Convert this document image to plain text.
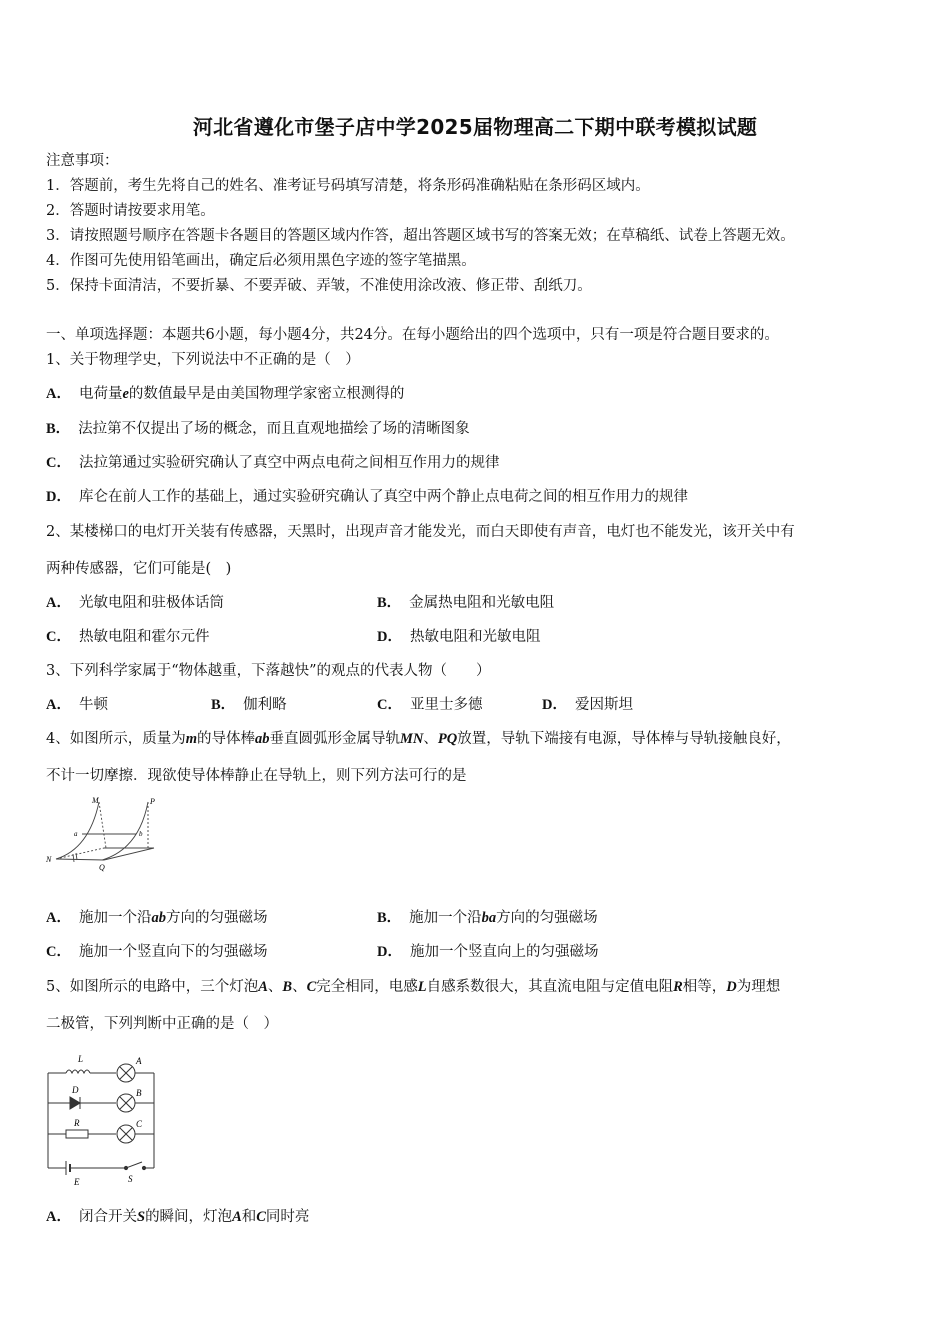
河北省遵化市堡子店中学2025届物理高二下期中联考模拟试题
注意事项：
1．答题前，考生先将自己的姓名、准考证号码填写清楚，将条形码准确粘贴在条形码区域内。
2．答题时请按要求用笔。
3．请按照题号顺序在答题卡各题目的答题区域内作答，超出答题区域书写的答案无效；在草稿纸、试卷上答题无效。
4．作图可先使用铅笔画出，确定后必须用黑色字迹的签字笔描黑。
5．保持卡面清洁，不要折暴、不要弄破、弄皱，不准使用涂改液、修正带、刮纸刀。
一、单项选择题：本题共6小题，每小题4分，共24分。在每小题给出的四个选项中，只有一项是符合题目要求的。
1、关于物理学史，下列说法中不正确的是（　）
A． 电荷量e的数值最早是由美国物理学家密立根测得的
B． 法拉第不仅提出了场的概念，而且直观地描绘了场的清晰图象
C． 法拉第通过实验研究确认了真空中两点电荷之间相互作用力的规律
D． 库仑在前人工作的基础上，通过实验研究确认了真空中两个静止点电荷之间的相互作用力的规律
2、某楼梯口的电灯开关装有传感器，天黑时，出现声音才能发光，而白天即使有声音，电灯也不能发光，该开关中有
两种传感器，它们可能是(　)
A． 光敏电阻和驻极体话筒	B． 金属热电阻和光敏电阻
C． 热敏电阻和霍尔元件	D． 热敏电阻和光敏电阻
3、下列科学家属于“物体越重，下落越快”的观点的代表人物（　　）
A． 牛顿	B． 伽利略	C． 亚里士多德	D． 爱因斯坦
4、如图所示，质量为m的导体棒ab垂直圆弧形金属导轨MN、PQ放置，导轨下端接有电源，导体棒与导轨接触良好，
不计一切摩擦．现欲使导体棒静止在导轨上，则下列方法可行的是
M	P
a	b
N
Q
A． 施加一个沿ab方向的匀强磁场	B． 施加一个沿ba方向的匀强磁场
C． 施加一个竖直向下的匀强磁场	D． 施加一个竖直向上的匀强磁场
5、如图所示的电路中，三个灯泡A、B、C完全相同，电感L自感系数很大，其直流电阻与定值电阻R相等，D为理想
二极管，下列判断中正确的是（　）
L	A
D	B
R	C
E	S
A． 闭合开关S的瞬间，灯泡A和C同时亮
